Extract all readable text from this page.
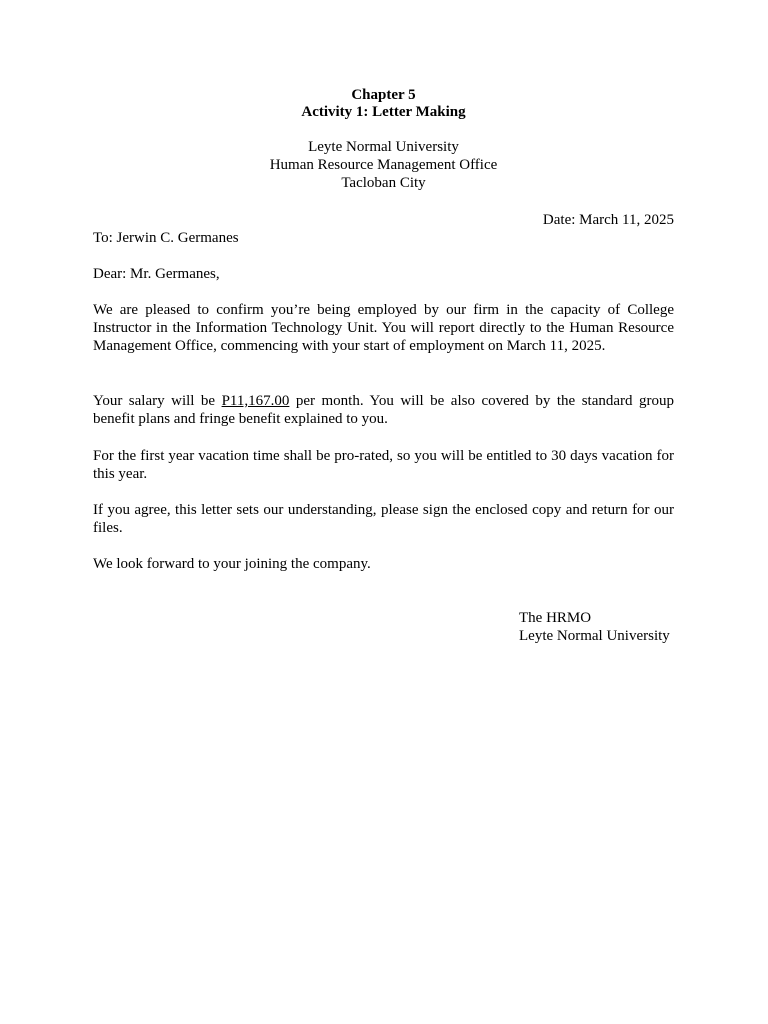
Chapter 5
Activity 1: Letter Making
Leyte Normal University
Human Resource Management Office
Tacloban City
Date: March 11, 2025
To: Jerwin C. Germanes
Dear: Mr. Germanes,

We are pleased to confirm you’re being employed by our firm in the capacity of College Instructor in the Information Technology Unit. You will report directly to the Human Resource Management Office, commencing with your start of employment on March 11, 2025.

Your salary will be P11,167.00 per month. You will be also covered by the standard group benefit plans and fringe benefit explained to you.

For the first year vacation time shall be pro-rated, so you will be entitled to 30 days vacation for this year.

If you agree, this letter sets our understanding, please sign the enclosed copy and return for our files.

We look forward to your joining the company.

The HRMO
Leyte Normal University
